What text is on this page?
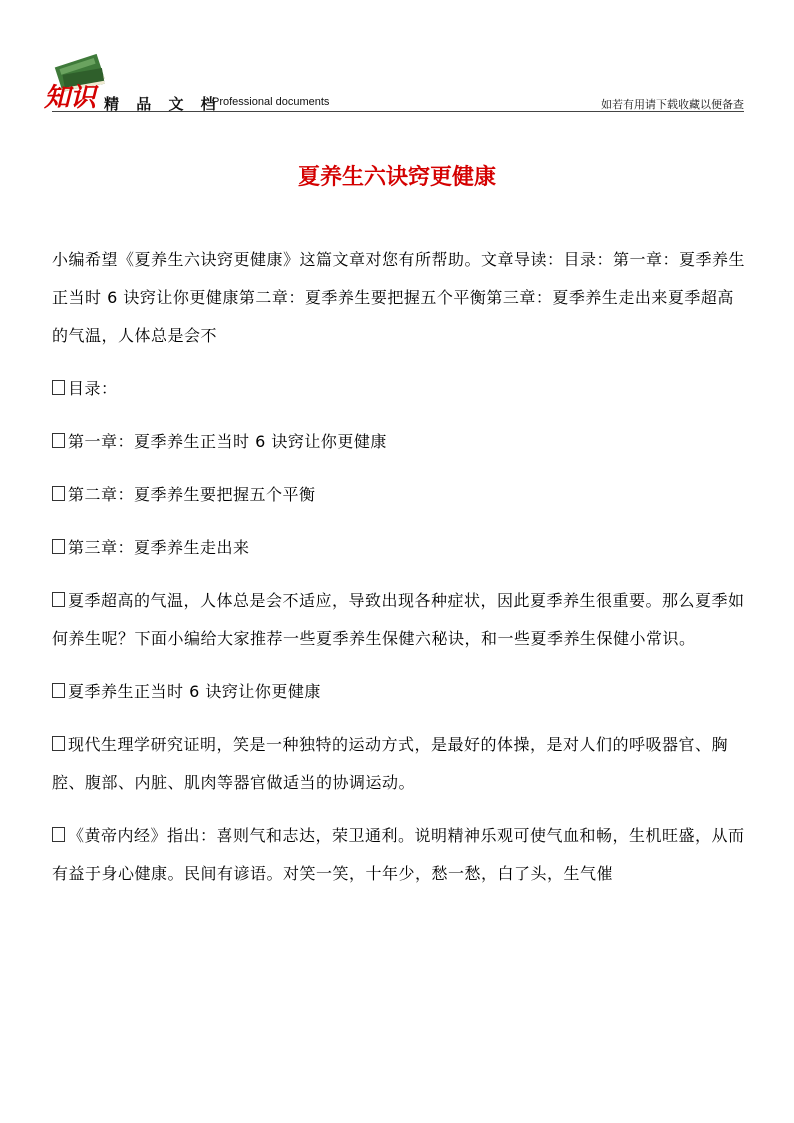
知识 精 品 文 档
Professional documents	如若有用请下载收藏以便备查
夏养生六诀窍更健康

小编希望《夏养生六诀窍更健康》这篇文章对您有所帮助。文章导读：目录：第一章：夏季养生正当时 6 诀窍让你更健康第二章：夏季养生要把握五个平衡第三章：夏季养生走出来夏季超高的气温，人体总是会不

目录：

第一章：夏季养生正当时 6 诀窍让你更健康

第二章：夏季养生要把握五个平衡

第三章：夏季养生走出来

夏季超高的气温，人体总是会不适应，导致出现各种症状，因此夏季养生很重要。那么夏季如何养生呢？下面小编给大家推荐一些夏季养生保健六秘诀，和一些夏季养生保健小常识。

夏季养生正当时 6 诀窍让你更健康

现代生理学研究证明，笑是一种独特的运动方式，是最好的体操，是对人们的呼吸器官、胸腔、腹部、内脏、肌肉等器官做适当的协调运动。

《黄帝内经》指出：喜则气和志达，荣卫通利。说明精神乐观可使气血和畅，生机旺盛，从而有益于身心健康。民间有谚语。对笑一笑，十年少，愁一愁，白了头，生气催
